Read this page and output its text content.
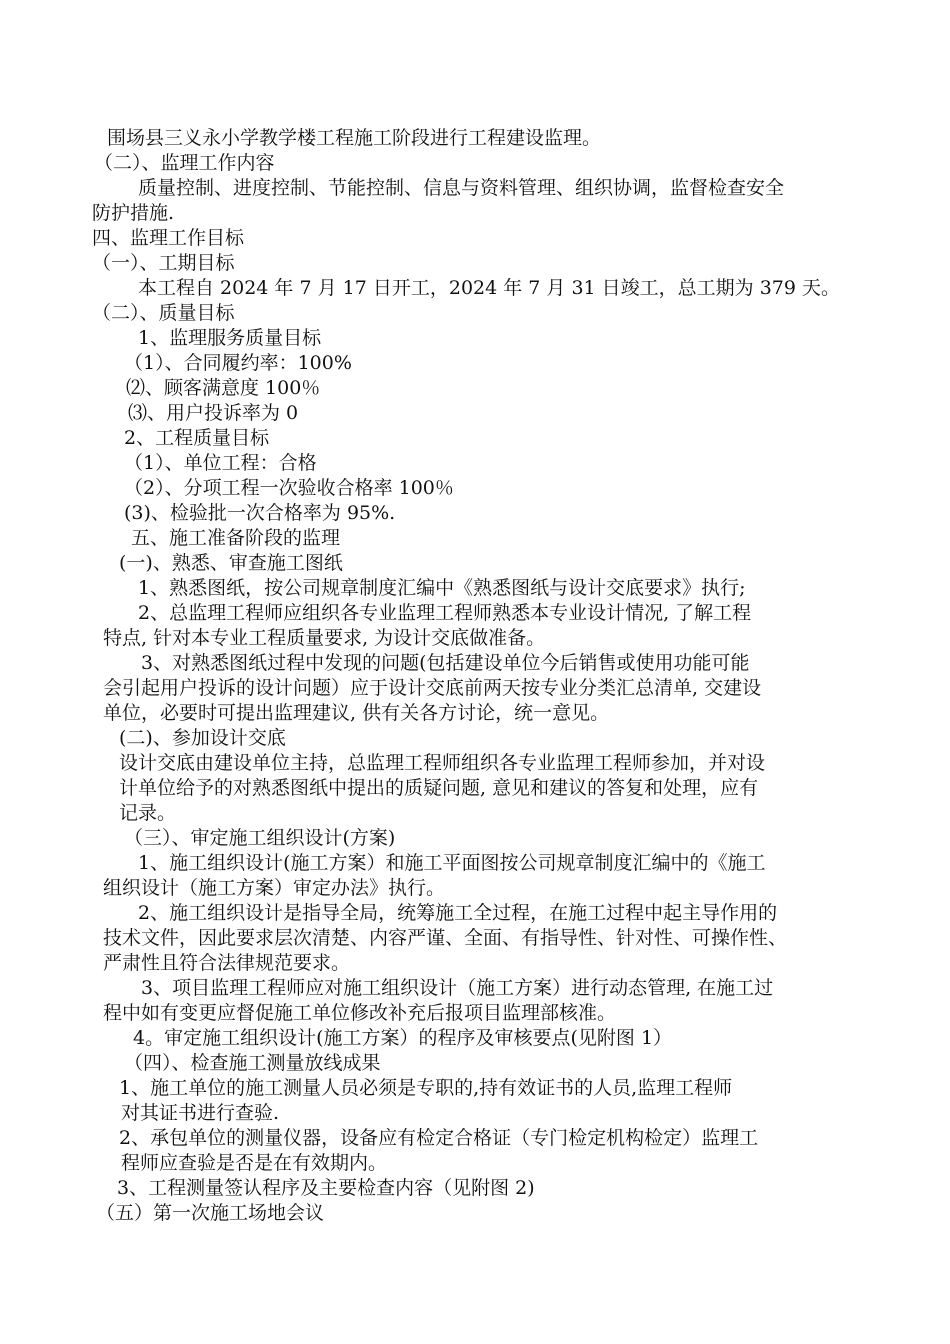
围场县三义永小学教学楼工程施工阶段进行工程建设监理。
（二）、监理工作内容
质量控制、进度控制、节能控制、信息与资料管理、组织协调，监督检查安全
防护措施.
四、监理工作目标
（一）、工期目标
本工程自 2024 年 7 月 17 日开工，2024 年 7 月 31 日竣工，总工期为 379 天。
（二）、质量目标
1、监理服务质量目标
（1）、合同履约率：100%
⑵、顾客满意度 100％
⑶、用户投诉率为 0
2、工程质量目标
（1）、单位工程：合格
（2）、分项工程一次验收合格率 100％
(3)、检验批一次合格率为 95%.
五、施工准备阶段的监理
(一)、熟悉、审查施工图纸
1、熟悉图纸，按公司规章制度汇编中《熟悉图纸与设计交底要求》执行;
2、总监理工程师应组织各专业监理工程师熟悉本专业设计情况, 了解工程
特点, 针对本专业工程质量要求, 为设计交底做准备。
3、对熟悉图纸过程中发现的问题(包括建设单位今后销售或使用功能可能
会引起用户投诉的设计问题）应于设计交底前两天按专业分类汇总清单, 交建设
单位，必要时可提出监理建议, 供有关各方讨论，统一意见。
(二)、参加设计交底
设计交底由建设单位主持，总监理工程师组织各专业监理工程师参加，并对设
计单位给予的对熟悉图纸中提出的质疑问题, 意见和建议的答复和处理，应有
记录。
（三）、审定施工组织设计(方案)
1、施工组织设计(施工方案）和施工平面图按公司规章制度汇编中的《施工
组织设计（施工方案）审定办法》执行。
2、施工组织设计是指导全局，统筹施工全过程，在施工过程中起主导作用的
技术文件，因此要求层次清楚、内容严谨、全面、有指导性、针对性、可操作性、
严肃性且符合法律规范要求。
3、项目监理工程师应对施工组织设计（施工方案）进行动态管理, 在施工过
程中如有变更应督促施工单位修改补充后报项目监理部核准。
4。审定施工组织设计(施工方案）的程序及审核要点(见附图 1）
（四）、检查施工测量放线成果
1、施工单位的施工测量人员必须是专职的,持有效证书的人员,监理工程师
对其证书进行查验.
2、承包单位的测量仪器，设备应有检定合格证（专门检定机构检定）监理工
程师应查验是否是在有效期内。
3、工程测量签认程序及主要检查内容（见附图 2)
（五）第一次施工场地会议
